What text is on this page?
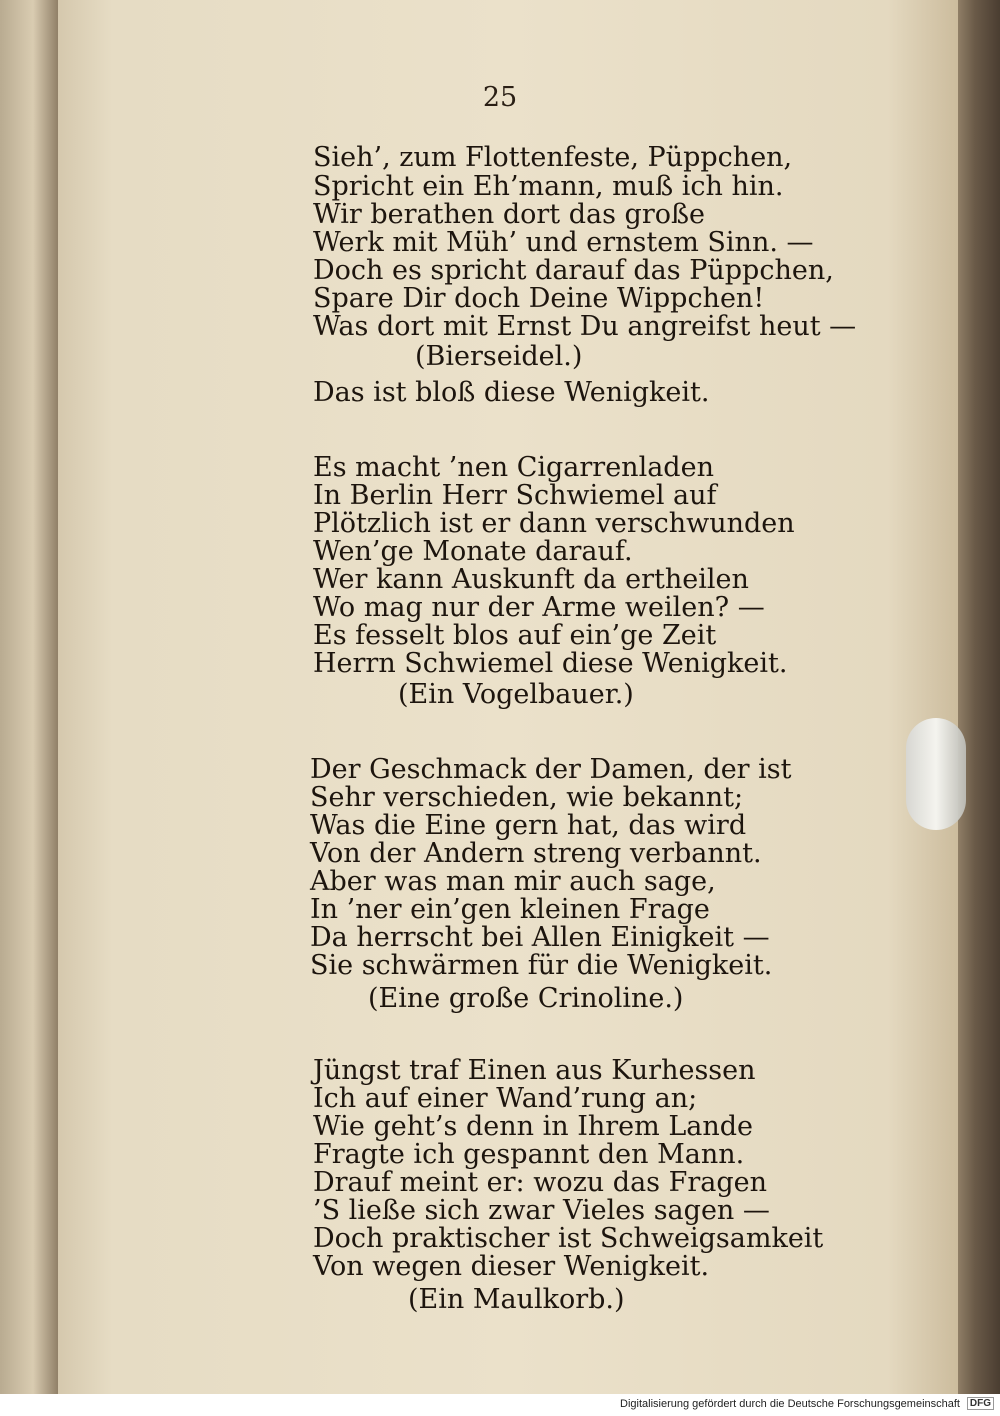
25
Sieh’, zum Flottenfeste, Püppchen,
Spricht ein Eh’mann, muß ich hin.
Wir berathen dort das große
Werk mit Müh’ und ernstem Sinn. —
Doch es spricht darauf das Püppchen,
Spare Dir doch Deine Wippchen!
Was dort mit Ernst Du angreifst heut —
(Bierseidel.)
Das ist bloß diese Wenigkeit.
Es macht ’nen Cigarrenladen
In Berlin Herr Schwiemel auf
Plötzlich ist er dann verschwunden
Wen’ge Monate darauf.
Wer kann Auskunft da ertheilen
Wo mag nur der Arme weilen? —
Es fesselt blos auf ein’ge Zeit
Herrn Schwiemel diese Wenigkeit.
(Ein Vogelbauer.)
Der Geschmack der Damen, der ist
Sehr verschieden, wie bekannt;
Was die Eine gern hat, das wird
Von der Andern streng verbannt.
Aber was man mir auch sage,
In ’ner ein’gen kleinen Frage
Da herrscht bei Allen Einigkeit —
Sie schwärmen für die Wenigkeit.
(Eine große Crinoline.)
Jüngst traf Einen aus Kurhessen
Ich auf einer Wand’rung an;
Wie geht’s denn in Ihrem Lande
Fragte ich gespannt den Mann.
Drauf meint er: wozu das Fragen
’S ließe sich zwar Vieles sagen —
Doch praktischer ist Schweigsamkeit
Von wegen dieser Wenigkeit.
(Ein Maulkorb.)
Digitalisierung gefördert durch die Deutsche Forschungsgemeinschaft DFG
